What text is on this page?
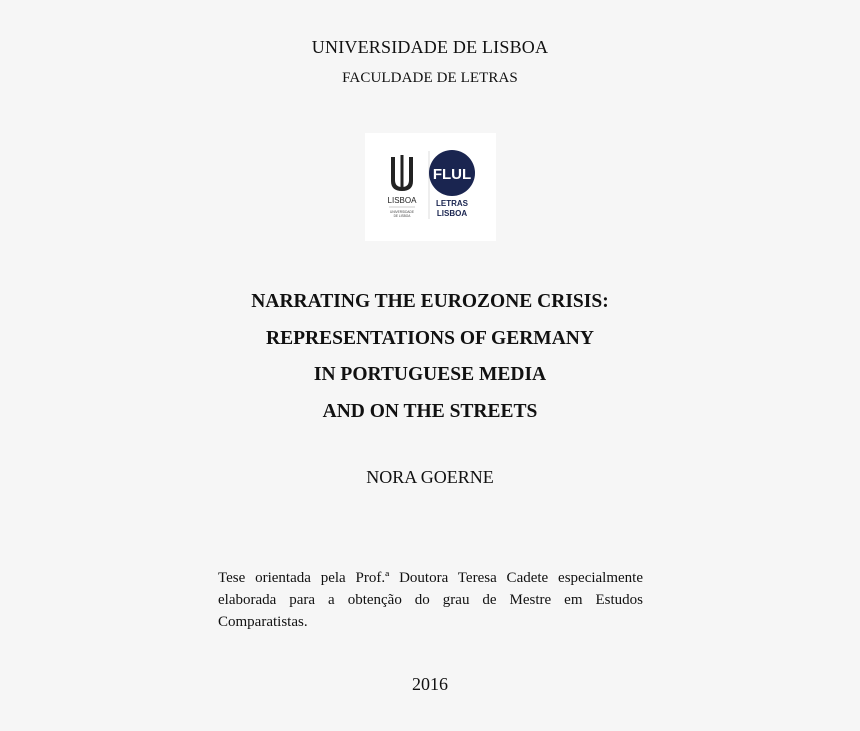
UNIVERSIDADE DE LISBOA
FACULDADE DE LETRAS
LISBOA
UNIVERSIDADE
DE LISBOA
FLUL
LETRAS
LISBOA
NARRATING THE EUROZONE CRISIS:
REPRESENTATIONS OF GERMANY
IN PORTUGUESE MEDIA
AND ON THE STREETS
NORA GOERNE
Tese orientada pela Prof.ª Doutora Teresa Cadete especialmente elaborada para a obtenção do grau de Mestre em Estudos Comparatistas.
2016
